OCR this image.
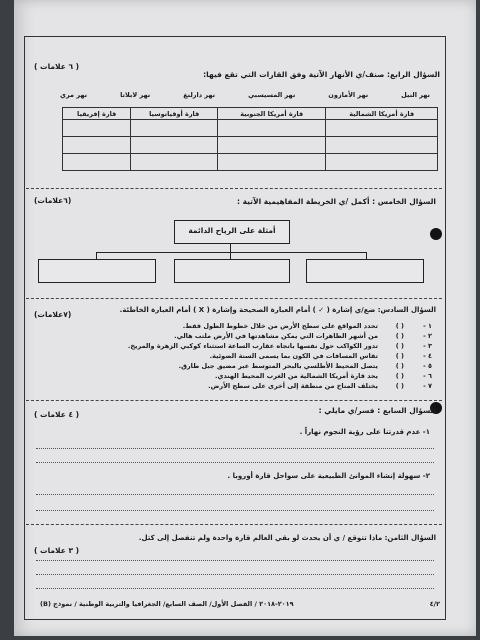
( ٦ علامات )
السؤال الرابع: صنف/ي الأنهار الآتية وفق القارات التي تقع فيها:
نهر النيل
نهر الأمازون
نهر المسيسبي
نهر دارلنغ
نهر لابلاتا
نهر مري
قارة أمريكا الشمالية	قارة أمريكا الجنوبية	قارة أوقيانوسيا	قارة إفريقيا

(٦علامات)	السؤال الخامس : أكمل /ي الخريطة المفاهيمية الآتية :
أمثلة على الرياح الدائمة
(٧علامات)	السؤال السادس: ضع/ي إشارة ( ✓ ) أمام العبارة الصحيحة وإشارة ( X ) أمام العبارة الخاطئة.
١ -( )تحدد المواقع على سطح الأرض من خلال خطوط الطول فقط.
٢ -( )من أشهر الظاهرات التي يمكن مشاهدتها في الأرض ملتب هالي.
٣ -( )تدور الكواكب حول نفسها باتجاه عقارب الساعة استثناء كوكبي الزهرة والمريخ.
٤ -( )تقاس المسافات في الكون بما يسمى السنة الضوئية.
٥ -( )يتصل المحيط الأطلسي بالبحر المتوسط عبر مضيق جبل طارق.
٦ -( )يحد قارة أمريكا الشمالية من الغرب المحيط الهندي.
٧ -( )يختلف المناخ من منطقة إلى أخرى على سطح الأرض.
( ٤ علامات )	السؤال السابع : فسر/ي مايلي :
١- عدم قدرتنا على رؤية النجوم نهاراً .
٢- سهولة إنشاء الموانئ الطبيعية على سواحل قارة أوروبا .
( ٣ علامات )
السؤال الثامن: ماذا تتوقع / ي أن يحدث لو بقي العالم قارة واحدة ولم تنفصل إلى كتل.
٤/٢
٢٠١٩-٢٠١٨ / الفصل الأول/ الصف السابع/ الجغرافيا والتربية الوطنية / نموذج (B)
